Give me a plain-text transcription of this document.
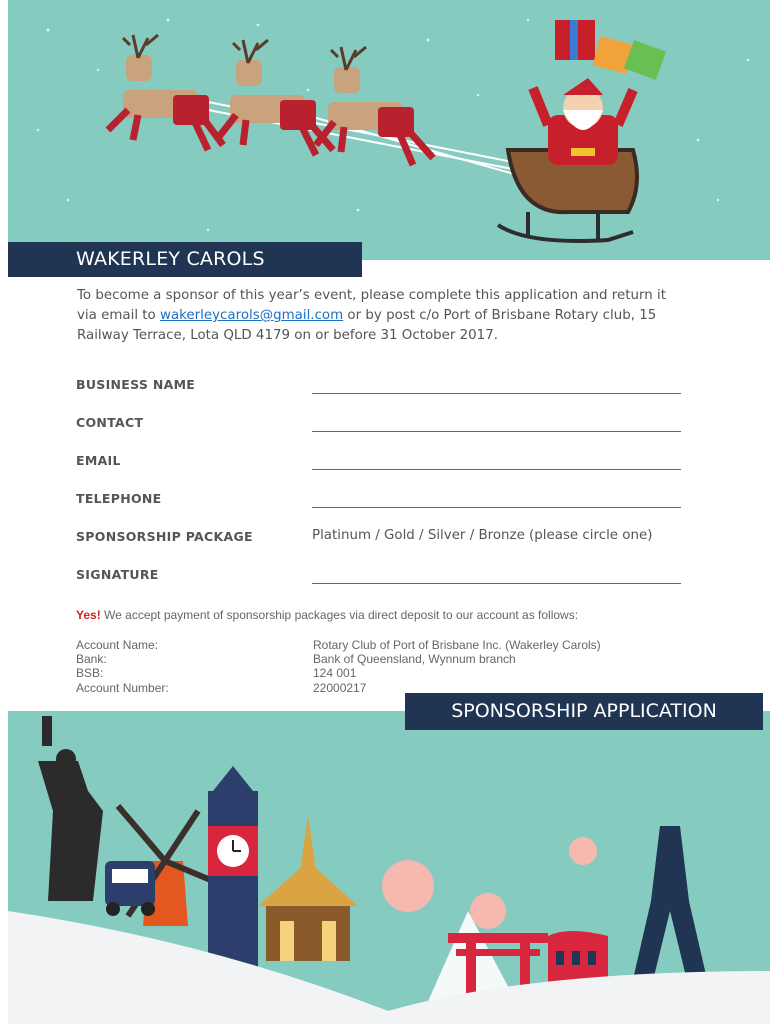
WAKERLEY CAROLS
To become a sponsor of this year’s event, please complete this application and return it via email to wakerleycarols@gmail.com or by post c/o Port of Brisbane Rotary club, 15 Railway Terrace, Lota QLD 4179 on or before 31 October 2017.
BUSINESS NAME
CONTACT
EMAIL
TELEPHONE
SPONSORSHIP PACKAGE	Platinum / Gold / Silver / Bronze (please circle one)
SIGNATURE
Yes! We accept payment of sponsorship packages via direct deposit to our account as follows:
Account Name:	Rotary Club of Port of Brisbane Inc. (Wakerley Carols)
Bank:	Bank of Queensland, Wynnum branch
BSB:	124 001
Account Number:	22000217
SPONSORSHIP APPLICATION
